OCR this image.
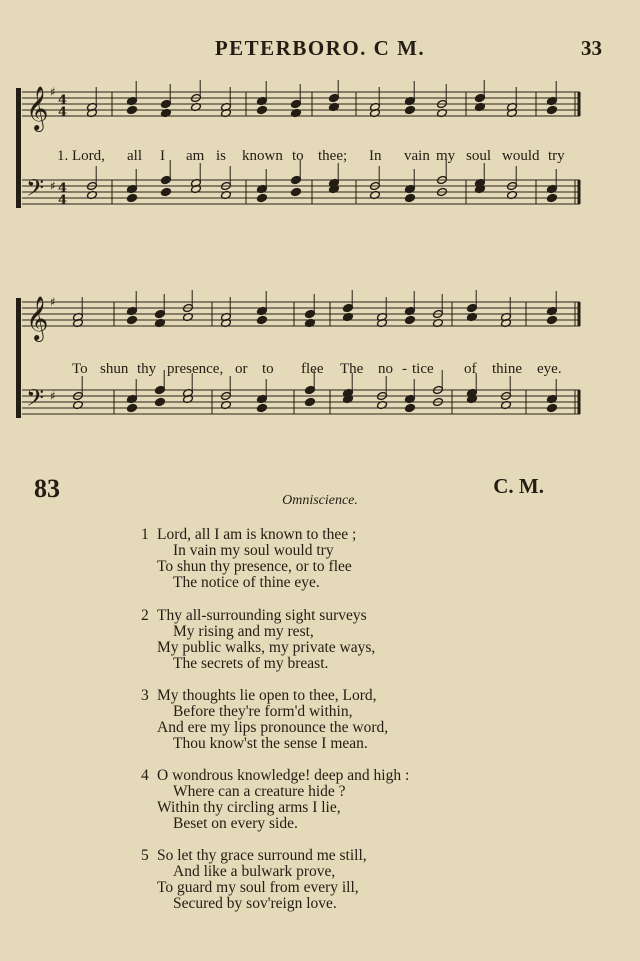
PETERBORO. C M.	33
𝄞
𝄢
♯
♯
4
4
4
4
1. Lord, all I am is known to thee; In vain my soul would try
𝄞
𝄢
♯
♯
To shun thy presence, or to flee The no - tice of thine eye.
83	C. M.
Omniscience.
1 Lord, all I am is known to thee ;
In vain my soul would try
To shun thy presence, or to flee
The notice of thine eye.
2 Thy all-surrounding sight surveys
My rising and my rest,
My public walks, my private ways,
The secrets of my breast.
3 My thoughts lie open to thee, Lord,
Before they're form'd within,
And ere my lips pronounce the word,
Thou know'st the sense I mean.
4 O wondrous knowledge! deep and high :
Where can a creature hide ?
Within thy circling arms I lie,
Beset on every side.
5 So let thy grace surround me still,
And like a bulwark prove,
To guard my soul from every ill,
Secured by sov'reign love.
